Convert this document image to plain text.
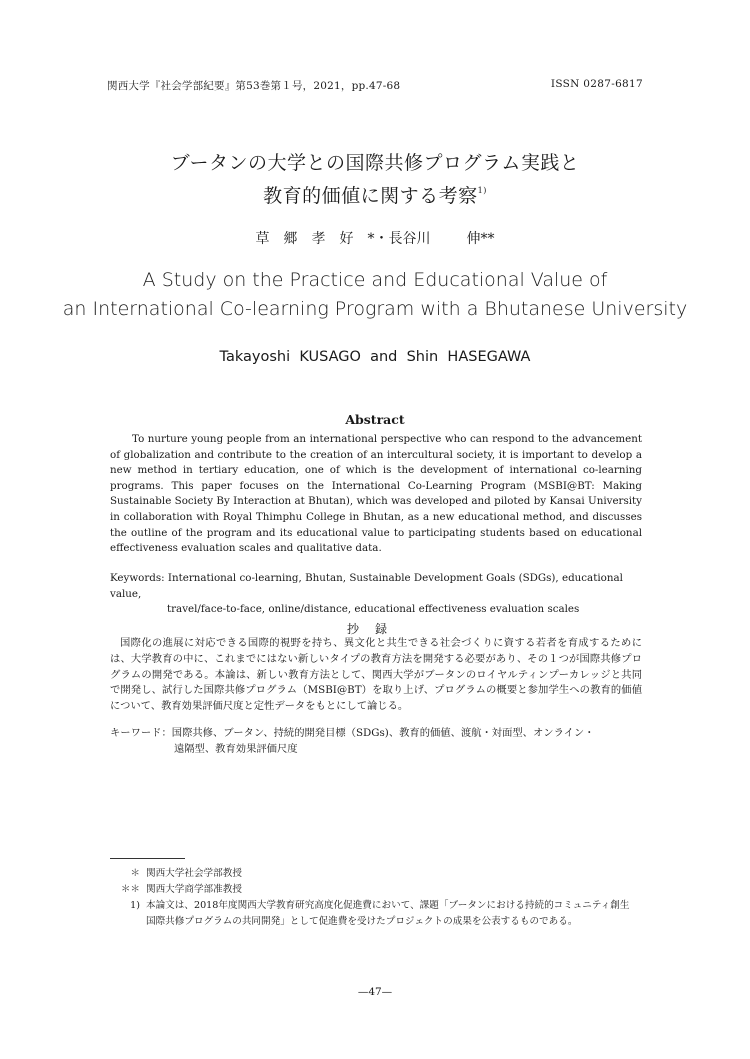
関西大学『社会学部紀要』第53巻第１号，2021，pp.47-68	ISSN 0287-6817
ブータンの大学との国際共修プログラム実践と
教育的価値に関する考察$^{1)}$
草郷孝好*・長谷川	伸**
A Study on the Practice and Educational Value of
an International Co-learning Program with a Bhutanese University
Takayoshi  KUSAGO  and  Shin  HASEGAWA
Abstract
To nurture young people from an international perspective who can respond to the advancement of globalization and contribute to the creation of an intercultural society, it is important to develop a new method in tertiary education, one of which is the development of international co-learning programs. This paper focuses on the International Co-Learning Program (MSBI@BT: Making Sustainable Society By Interaction at Bhutan), which was developed and piloted by Kansai University in collaboration with Royal Thimphu College in Bhutan, as a new educational method, and discusses the outline of the program and its educational value to participating students based on educational effectiveness evaluation scales and qualitative data.
Keywords: International co-learning, Bhutan, Sustainable Development Goals (SDGs), educational value,
travel/face-to-face, online/distance, educational effectiveness evaluation scales
抄録
国際化の進展に対応できる国際的視野を持ち、異文化と共生できる社会づくりに資する若者を育成するためには、大学教育の中に、これまでにはない新しいタイプの教育方法を開発する必要があり、その１つが国際共修プログラムの開発である。本論は、新しい教育方法として、関西大学がブータンのロイヤルティンプーカレッジと共同で開発し、試行した国際共修プログラム（MSBI@BT）を取り上げ、プログラムの概要と参加学生への教育的価値について、教育効果評価尺度と定性データをもとにして論じる。
キーワード：国際共修、ブータン、持続的開発目標（SDGs)、教育的価値、渡航・対面型、オンライン・
遠隔型、教育効果評価尺度
＊ 関西大学社会学部教授
＊＊ 関西大学商学部准教授
1) 本論文は、2018年度関西大学教育研究高度化促進費において、課題「ブータンにおける持続的コミュニティ創生国際共修プログラムの共同開発」として促進費を受けたプロジェクトの成果を公表するものである。
—47—
